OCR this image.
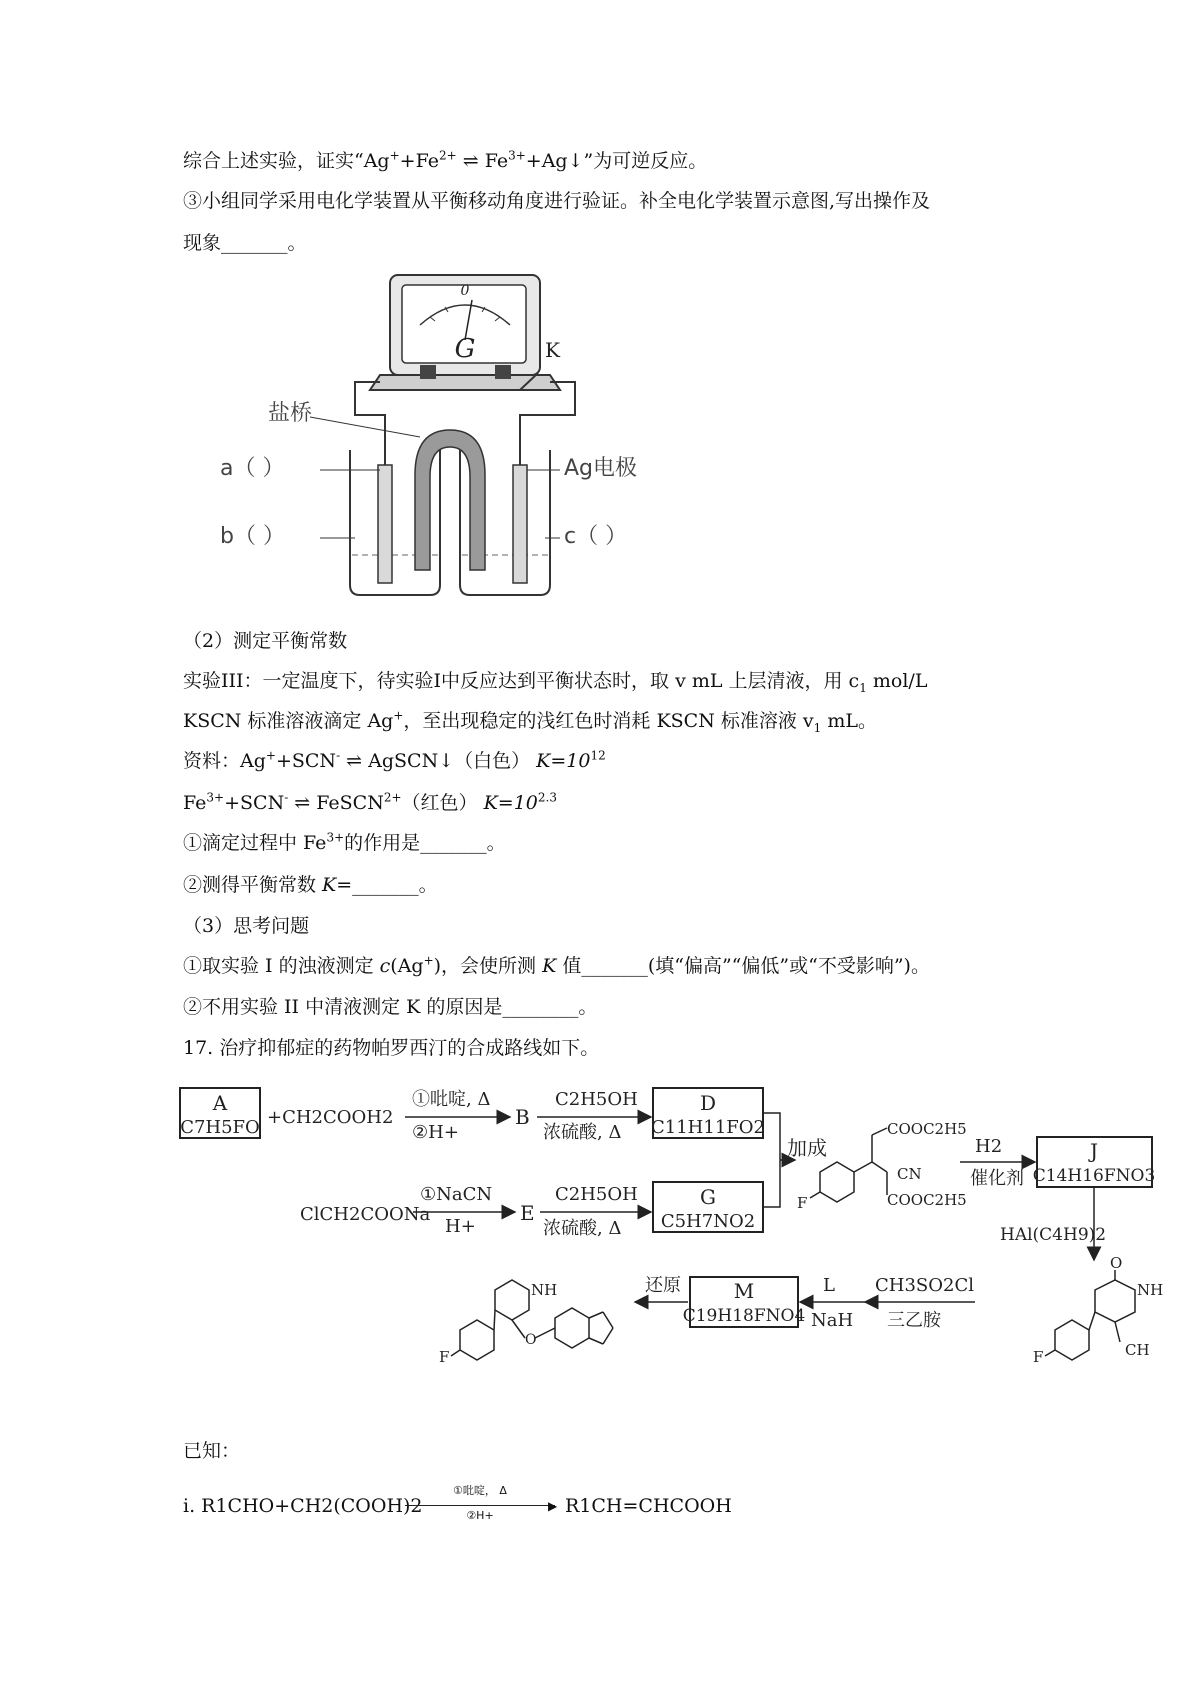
综合上述实验，证实“$Ag^++Fe^{2+}$ ⇌ $Fe^{3+}+Ag↓$”为可逆反应。
③小组同学采用电化学装置从平衡移动角度进行验证。补全电化学装置示意图,写出操作及
现象_______。
0
G	K
盐桥
a（ ）
b（ ）
Ag电极
c（ ）
（2）测定平衡常数
实验III：一定温度下，待实验I中反应达到平衡状态时，取 v mL 上层清液，用 $c_1$ mol/L
KSCN 标准溶液滴定 Ag+，至出现稳定的浅红色时消耗 KSCN 标准溶液 $v_1$ mL。
资料：Ag++SCN- ⇌ AgSCN↓（白色） $K=10^{12}$
$Fe^{3+}+SCN^-$ ⇌ FeSCN$^{2+}$（红色） $K=10^{2.3}$
①滴定过程中 $Fe^{3+}$的作用是_______。
②测得平衡常数 K=_______。
（3）思考问题
①取实验 I 的浊液测定 c(Ag+)，会使所测 K 值_______(填“偏高”“偏低”或“不受影响”)。
②不用实验 II 中清液测定 K 的原因是________。
17. 治疗抑郁症的药物帕罗西汀的合成路线如下。
A
C7H5FO +CH2COOH2
①吡啶, Δ
②H+
B
C2H5OH
浓硫酸, Δ
D
C11H11FO2
ClCH2COONa
①NaCN
H+
E
C2H5OH
浓硫酸, Δ
G
C5H7NO2
加成
COOC2H5
CN
COOC2H5
F
H2
催化剂
J
C14H16FNO3
HAl(C4H9)2
O
NH
CH
F
CH3SO2Cl
三乙胺
L
NaH
M
C19H18FNO4
还原
NH
O
F
已知：
i. R1CHO+CH2(COOH)2
①吡啶， Δ
▶
②H+	R1CH=CHCOOH
